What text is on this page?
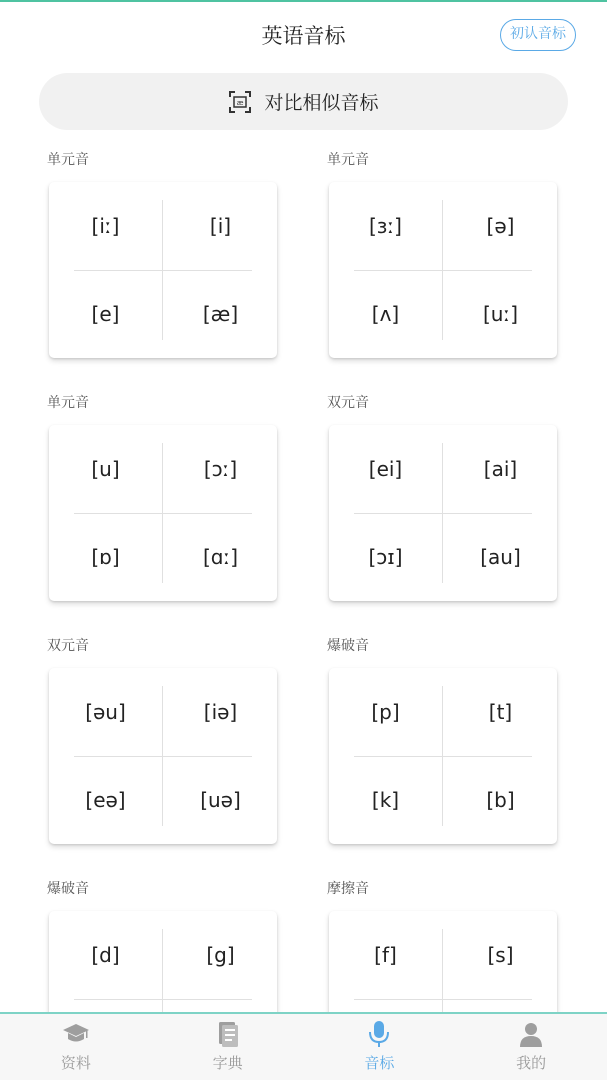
英语音标	初认音标
æ 对比相似音标
单元音
[iː]	[i]
[e]	[æ]
单元音
[ɜː]	[ə]
[ʌ]	[uː]
单元音
[u]	[ɔː]
[ɒ]	[ɑː]
双元音
[ei]	[ai]
[ɔɪ]	[au]
双元音
[əu]	[iə]
[eə]	[uə]
爆破音
[p]	[t]
[k]	[b]
爆破音
[d]	[g]
摩擦音
[f]	[s]
资料	字典	音标	我的
